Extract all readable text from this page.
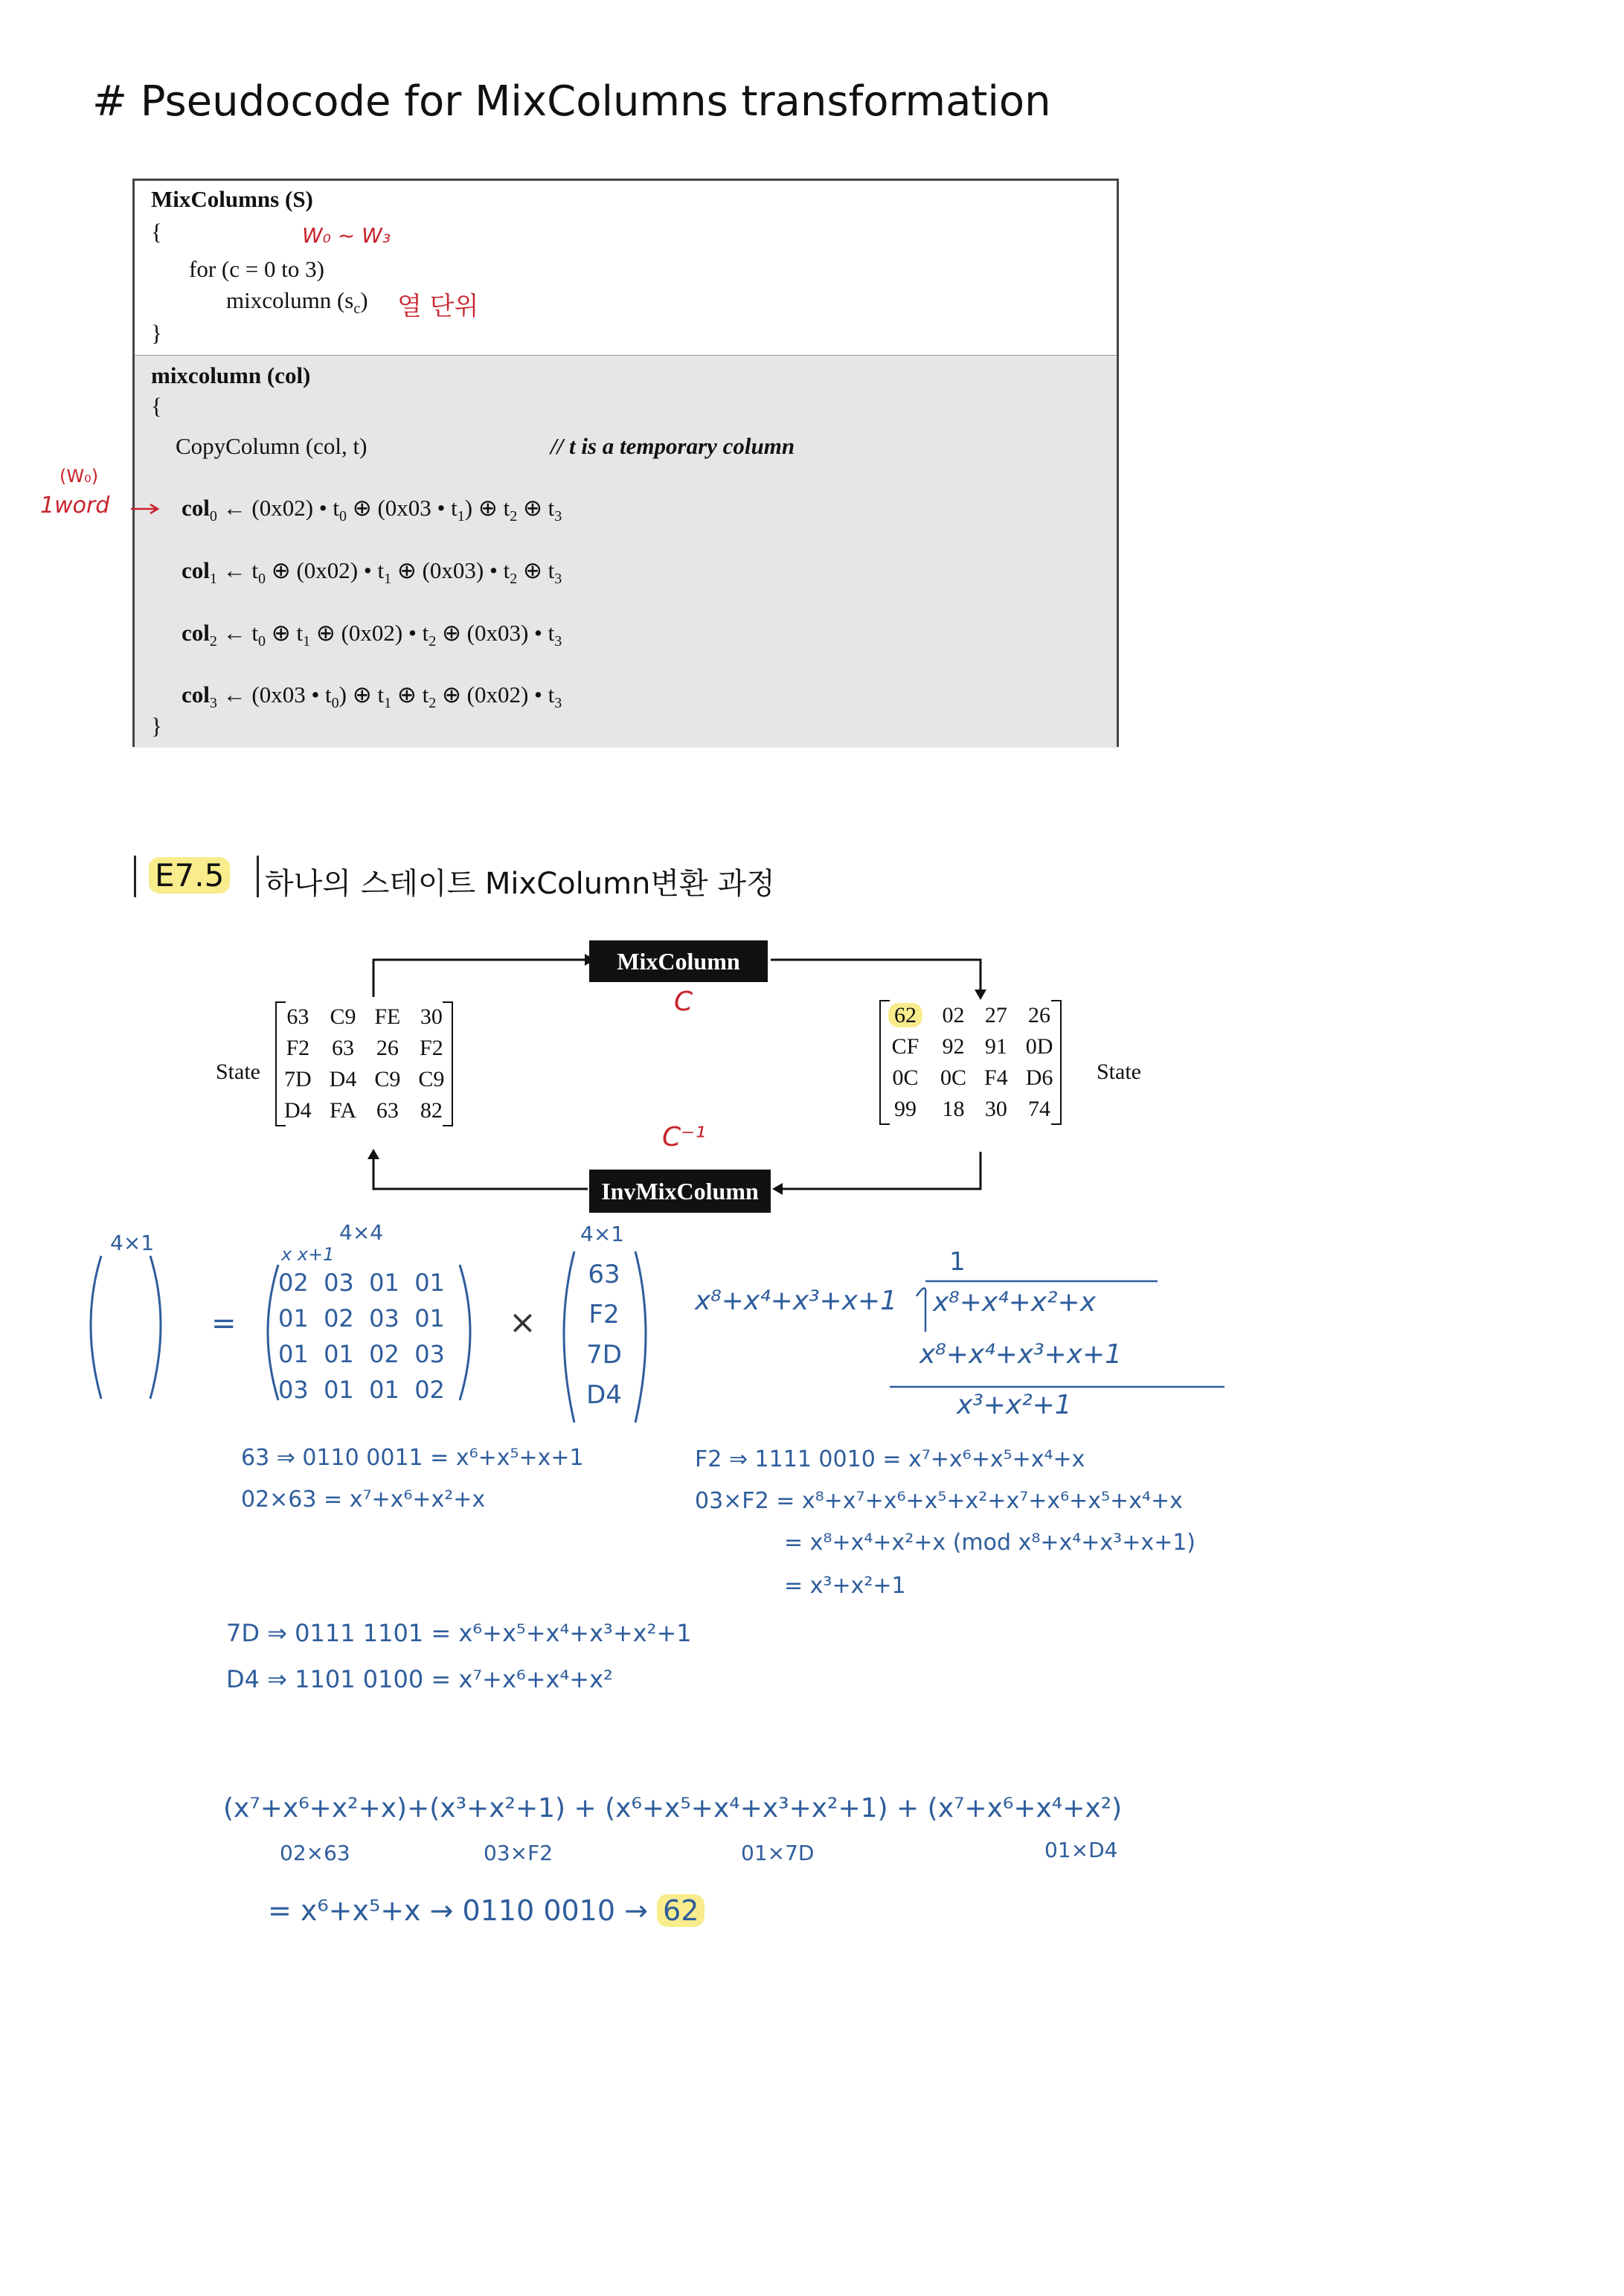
# Pseudocode for MixColumns transformation
MixColumns (S)
{
for (c = 0 to 3)
mixcolumn $(s_c)$
}
mixcolumn (col)
{
CopyColumn (col, t)	// t is a temporary column
col$_0$ ← (0x02) • $t_0$ ⊕ (0x03 • $t_1$) ⊕ $t_2$ ⊕ $t_3$
col$_1$ ← $t_0$ ⊕ (0x02) • $t_1$ ⊕ (0x03) • $t_2$ ⊕ $t_3$
col$_2$ ← $t_0$ ⊕ $t_1$ ⊕ (0x02) • $t_2$ ⊕ (0x03) • $t_3$
col$_3$ ← (0x03 • $t_0$) ⊕ $t_1$ ⊕ $t_2$ ⊕ (0x02) • $t_3$
}
W₀ ~ W₃
열 단위
(W₀)
1word
E7.5 하나의 스테이트 MixColumn변환 과정
MixColumn
InvMixColumn
C
C⁻¹
State	State
63	C9	FE	30
F2	63	26	F2
7D	D4	C9	C9
D4	FA	63	82
62	02	27	26
CF	92	91	0D
0C	0C	F4	D6
99	18	30	74
4×1	4×4	4×1
x x+1
=	×
02 03 01 01
01 02 03 01
01 01 02 03
03 01 01 02
63
F2
7D
D4
1
x⁸+x⁴+x³+x+1 x⁸+x⁴+x²+x
x⁸+x⁴+x³+x+1
x³+x²+1
63 ⇒ 0110 0011 = x⁶+x⁵+x+1
02×63 = x⁷+x⁶+x²+x
F2 ⇒ 1111 0010 = x⁷+x⁶+x⁵+x⁴+x
03×F2 = x⁸+x⁷+x⁶+x⁵+x²+x⁷+x⁶+x⁵+x⁴+x
= x⁸+x⁴+x²+x (mod x⁸+x⁴+x³+x+1)
= x³+x²+1
7D ⇒ 0111 1101 = x⁶+x⁵+x⁴+x³+x²+1
D4 ⇒ 1101 0100 = x⁷+x⁶+x⁴+x²
(x⁷+x⁶+x²+x)+(x³+x²+1) + (x⁶+x⁵+x⁴+x³+x²+1) + (x⁷+x⁶+x⁴+x²)
02×63	03×F2	01×7D	01×D4
= x⁶+x⁵+x → 0110 0010 → 62
